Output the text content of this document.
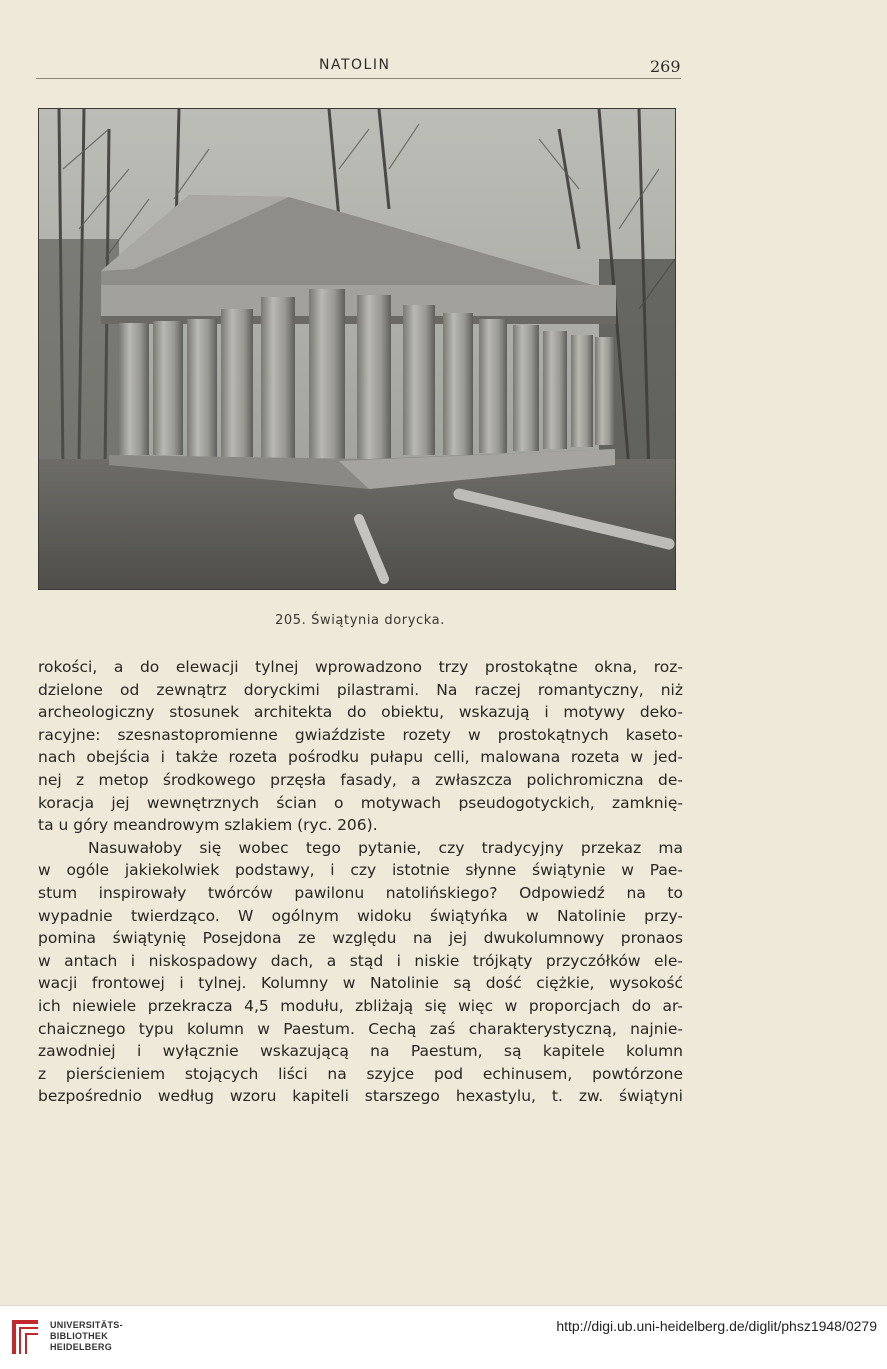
NATOLIN	269
205. Świątynia dorycka.
rokości, a do elewacji tylnej wprowadzono trzy prostokątne okna, roz-
dzielone od zewnątrz doryckimi pilastrami. Na raczej romantyczny, niż
archeologiczny stosunek architekta do obiektu, wskazują i motywy deko-
racyjne: szesnastopromienne gwiaździste rozety w prostokątnych kaseto-
nach obejścia i także rozeta pośrodku pułapu celli, malowana rozeta w jed-
nej z metop środkowego przęsła fasady, a zwłaszcza polichromiczna de-
koracja jej wewnętrznych ścian o motywach pseudogotyckich, zamknię-
ta u góry meandrowym szlakiem (ryc. 206).
Nasuwałoby się wobec tego pytanie, czy tradycyjny przekaz ma
w ogóle jakiekolwiek podstawy, i czy istotnie słynne świątynie w Pae-
stum inspirowały twórców pawilonu natolińskiego? Odpowiedź na to
wypadnie twierdząco. W ogólnym widoku świątyńka w Natolinie przy-
pomina świątynię Posejdona ze względu na jej dwukolumnowy pronaos
w antach i niskospadowy dach, a stąd i niskie trójkąty przyczółków ele-
wacji frontowej i tylnej. Kolumny w Natolinie są dość ciężkie, wysokość
ich niewiele przekracza 4,5 modułu, zbliżają się więc w proporcjach do ar-
chaicznego typu kolumn w Paestum. Cechą zaś charakterystyczną, najnie-
zawodniej i wyłącznie wskazującą na Paestum, są kapitele kolumn
z pierścieniem stojących liści na szyjce pod echinusem, powtórzone
bezpośrednio według wzoru kapiteli starszego hexastylu, t. zw. świątyni
UNIVERSITÄTS-
BIBLIOTHEK
HEIDELBERG
http://digi.ub.uni-heidelberg.de/diglit/phsz1948/0279
